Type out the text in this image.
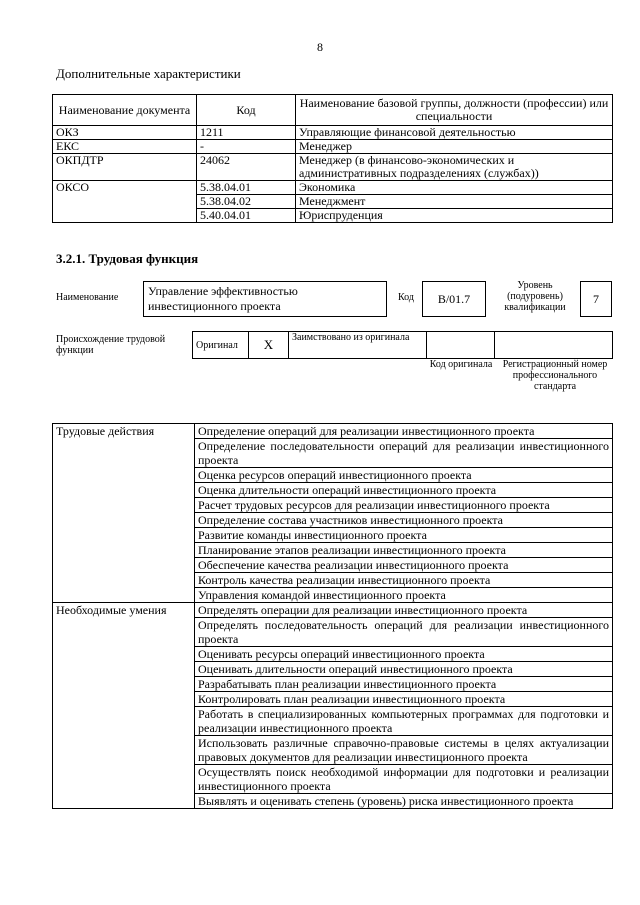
8
Дополнительные характеристики
Наименование документа	Код	Наименование базовой группы, должности (профессии) или специальности
ОКЗ	1211	Управляющие финансовой деятельностью
ЕКС	-	Менеджер
ОКПДТР	24062	Менеджер (в финансово-экономических и административных подразделениях (службах))
ОКСО	5.38.04.01	Экономика
	5.38.04.02	Менеджмент
	5.40.04.01	Юриспруденция
3.2.1. Трудовая функция
Наименование	Управление эффективностью инвестиционного проекта
Код	B/01.7
Уровень (подуровень) квалификации
7
Происхождение трудовой функции	Оригинал	X	Заимствовано из оригинала		
Код оригинала Регистрационный номер профессионального стандарта
Трудовые действия	Определение операций для реализации инвестиционного проекта
	Определение последовательности операций для реализации инвестиционного проекта
	Оценка ресурсов операций инвестиционного проекта
	Оценка длительности операций инвестиционного проекта
	Расчет трудовых ресурсов для реализации инвестиционного проекта
	Определение состава участников инвестиционного проекта
	Развитие команды инвестиционного проекта
	Планирование этапов реализации инвестиционного проекта
	Обеспечение качества реализации инвестиционного проекта
	Контроль качества реализации инвестиционного проекта
	Управления командой инвестиционного проекта
Необходимые умения	Определять операции для реализации инвестиционного проекта
	Определять последовательность операций для реализации инвестиционного проекта
	Оценивать ресурсы операций инвестиционного проекта
	Оценивать длительности операций инвестиционного проекта
	Разрабатывать план реализации инвестиционного проекта
	Контролировать план реализации инвестиционного проекта
	Работать в специализированных компьютерных программах для подготовки и реализации инвестиционного проекта
	Использовать различные справочно-правовые системы в целях актуализации правовых документов для реализации инвестиционного проекта
	Осуществлять поиск необходимой информации для подготовки и реализации инвестиционного проекта
	Выявлять и оценивать степень (уровень) риска инвестиционного проекта
